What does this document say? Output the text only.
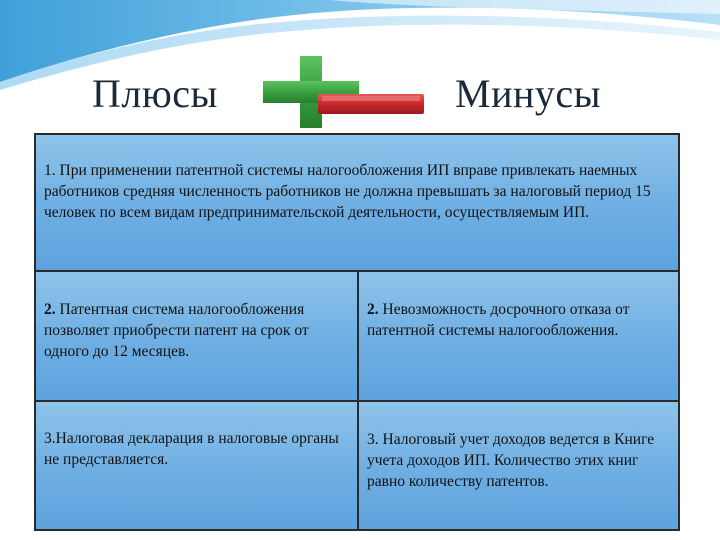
Плюсы	Минусы
1. При применении патентной системы налогообложения ИП вправе привлекать наемных работников средняя численность работников не должна превышать за налоговый период 15 человек по всем видам предпринимательской деятельности, осуществляемым ИП.
2. Патентная система налогообложения позволяет приобрести патент на срок от одного до 12 месяцев.
2. Невозможность досрочного отказа от патентной системы налогообложения.
3.Налоговая декларация в налоговые органы не представляется.
3. Налоговый учет доходов ведется в Книге учета доходов ИП. Количество этих книг равно количеству патентов.
